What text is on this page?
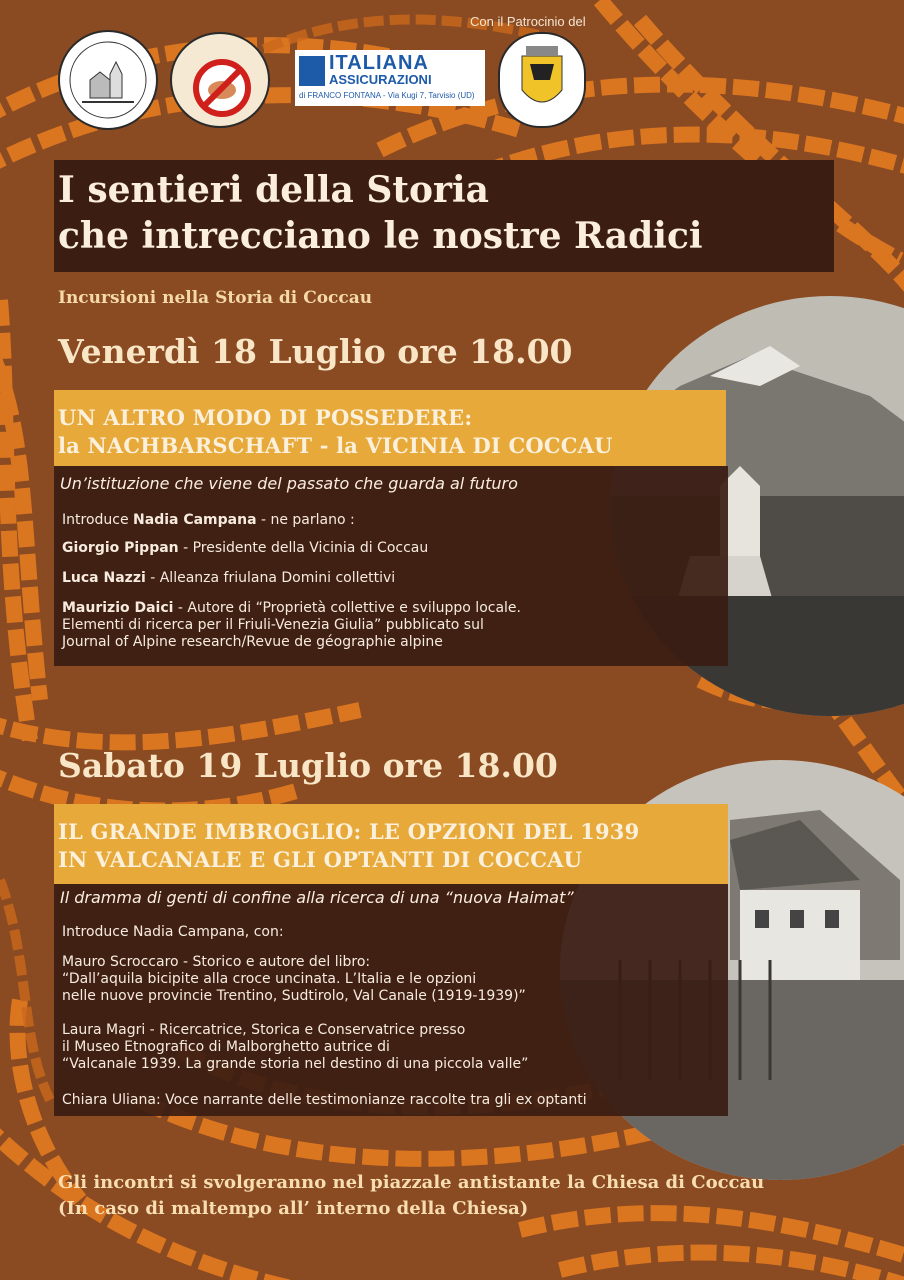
ITALIANA
ASSICURAZIONI
di FRANCO FONTANA - Via Kugi 7, Tarvisio (UD)
Con il Patrocinio del
I sentieri della Storia
che intrecciano le nostre Radici
Incursioni nella Storia di Coccau
Venerdì 18 Luglio ore 18.00
UN ALTRO MODO DI POSSEDERE:
la NACHBARSCHAFT - la VICINIA DI COCCAU
Un’istituzione che viene del passato che guarda al futuro
Introduce Nadia Campana - ne parlano :
Giorgio Pippan - Presidente della Vicinia di Coccau
Luca Nazzi - Alleanza friulana Domini collettivi
Maurizio Daici - Autore di “Proprietà collettive e sviluppo locale.
Elementi di ricerca per il Friuli-Venezia Giulia” pubblicato sul
Journal of Alpine research/Revue de géographie alpine
Sabato 19 Luglio ore 18.00
IL GRANDE IMBROGLIO: LE OPZIONI DEL 1939
IN VALCANALE E GLI OPTANTI DI COCCAU
Il dramma di genti di confine alla ricerca di una “nuova Haimat”
Introduce Nadia Campana, con:
Mauro Scroccaro - Storico e autore del libro:
“Dall’aquila bicipite alla croce uncinata. L’Italia e le opzioni
nelle nuove provincie Trentino, Sudtirolo, Val Canale (1919-1939)”
Laura Magri - Ricercatrice, Storica e Conservatrice presso
il Museo Etnografico di Malborghetto autrice di
“Valcanale 1939. La grande storia nel destino di una piccola valle”
Chiara Uliana: Voce narrante delle testimonianze raccolte tra gli ex optanti
Gli incontri si svolgeranno nel piazzale antistante la Chiesa di Coccau
(In caso di maltempo all’ interno della Chiesa)
